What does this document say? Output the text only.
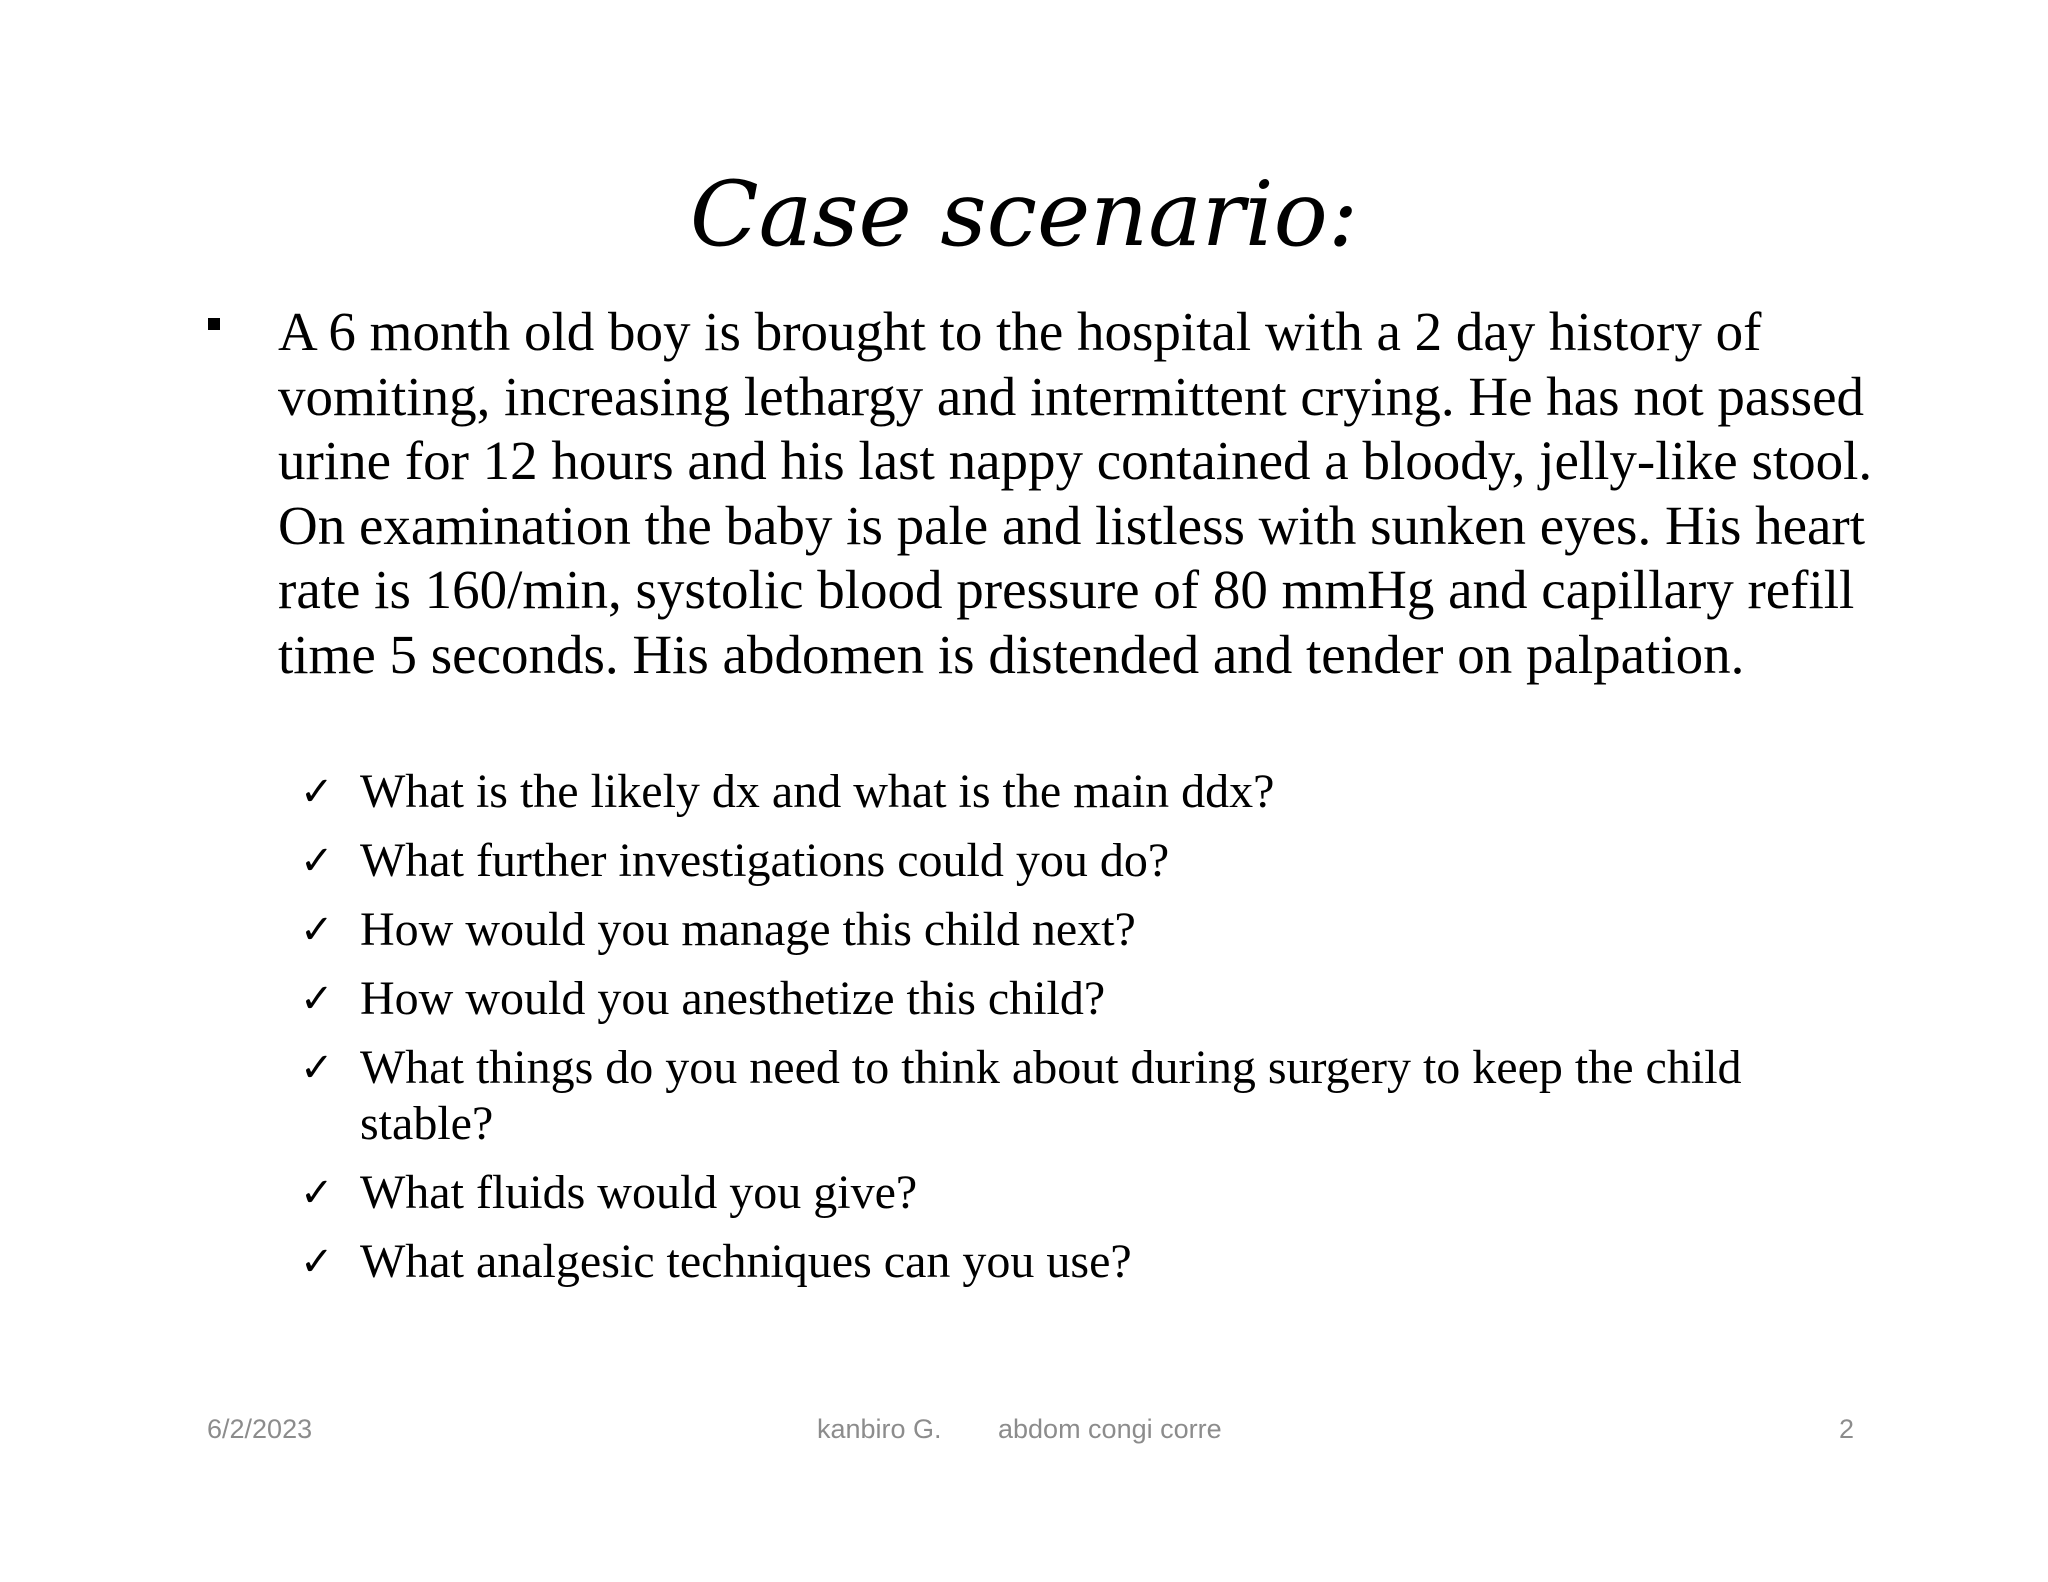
Case scenario:

A 6 month old boy is brought to the hospital with a 2 day history of vomiting, increasing lethargy and intermittent crying. He has not passed urine for 12 hours and his last nappy contained a bloody, jelly-like stool. On examination the baby is pale and listless with sunken eyes. His heart rate is 160/min, systolic blood pressure of 80 mmHg and capillary refill time 5 seconds. His abdomen is distended and tender on palpation.

✓ What is the likely dx and what is the main ddx?
✓ What further investigations could you do?
✓ How would you manage this child next?
✓ How would you anesthetize this child?
✓ What things do you need to think about during surgery to keep the child stable?
✓ What fluids would you give?
✓ What analgesic techniques can you use?
6/2/2023	kanbiro G. abdom congi corre	2
